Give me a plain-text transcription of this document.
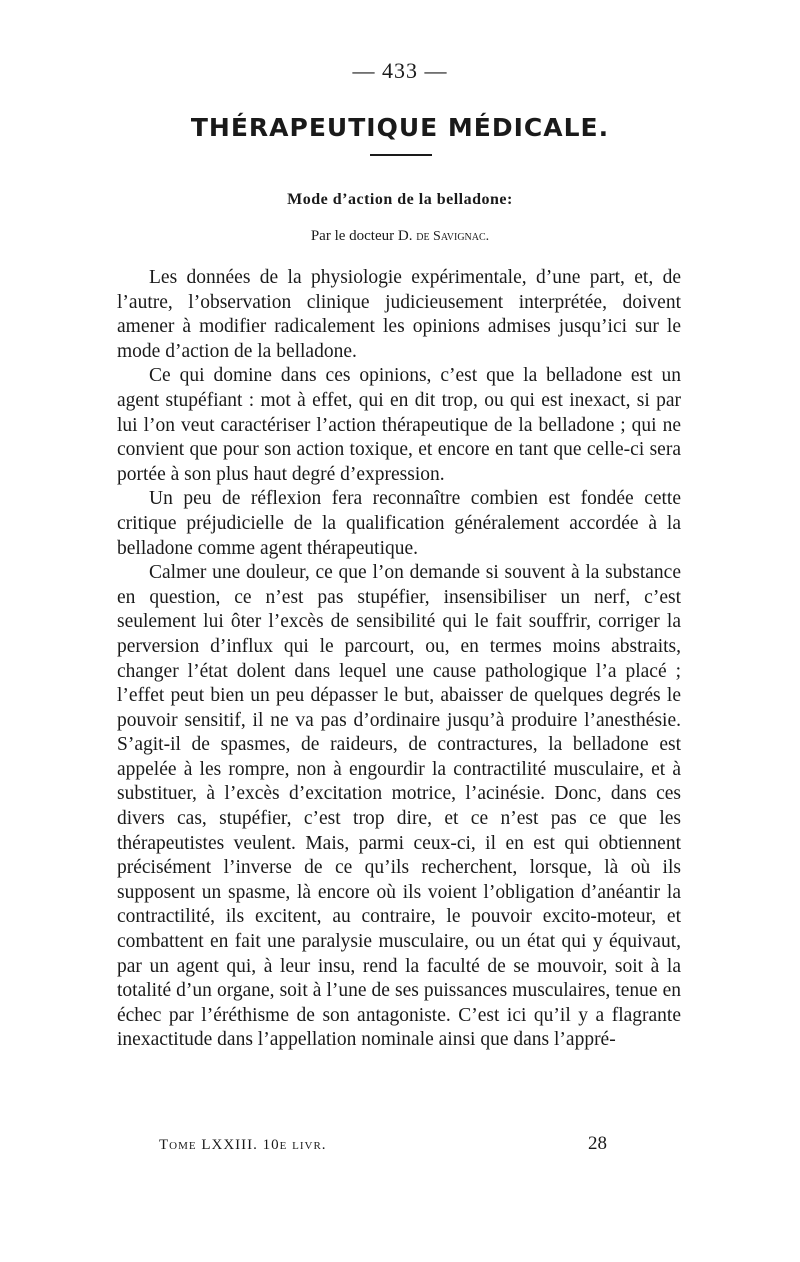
— 433 —
THÉRAPEUTIQUE MÉDICALE.
Mode d’action de la belladone:
Par le docteur D. de Savignac.

Les données de la physiologie expérimentale, d’une part, et, de l’autre, l’observation clinique judicieusement interprétée, doivent amener à modifier radicalement les opinions admises jusqu’ici sur le mode d’action de la belladone.

Ce qui domine dans ces opinions, c’est que la belladone est un agent stupéfiant : mot à effet, qui en dit trop, ou qui est inexact, si par lui l’on veut caractériser l’action thérapeutique de la belladone ; qui ne convient que pour son action toxique, et encore en tant que celle-ci sera portée à son plus haut degré d’expression.

Un peu de réflexion fera reconnaître combien est fondée cette critique préjudicielle de la qualification généralement accordée à la belladone comme agent thérapeutique.

Calmer une douleur, ce que l’on demande si souvent à la substance en question, ce n’est pas stupéfier, insensibiliser un nerf, c’est seulement lui ôter l’excès de sensibilité qui le fait souffrir, corriger la perversion d’influx qui le parcourt, ou, en termes moins abstraits, changer l’état dolent dans lequel une cause pathologique l’a placé ; l’effet peut bien un peu dépasser le but, abaisser de quelques degrés le pouvoir sensitif, il ne va pas d’ordinaire jusqu’à produire l’anesthésie. S’agit-il de spasmes, de raideurs, de contractures, la belladone est appelée à les rompre, non à engourdir la contractilité musculaire, et à substituer, à l’excès d’excitation motrice, l’acinésie. Donc, dans ces divers cas, stupéfier, c’est trop dire, et ce n’est pas ce que les thérapeutistes veulent. Mais, parmi ceux-ci, il en est qui obtiennent précisément l’inverse de ce qu’ils recherchent, lorsque, là où ils supposent un spasme, là encore où ils voient l’obligation d’anéantir la contractilité, ils excitent, au contraire, le pouvoir excito-moteur, et combattent en fait une paralysie musculaire, ou un état qui y équivaut, par un agent qui, à leur insu, rend la faculté de se mouvoir, soit à la totalité d’un organe, soit à l’une de ses puissances musculaires, tenue en échec par l’éréthisme de son antagoniste. C’est ici qu’il y a flagrante inexactitude dans l’appellation nominale ainsi que dans l’appré-

Tome LXXIII. 10e livr.	28
